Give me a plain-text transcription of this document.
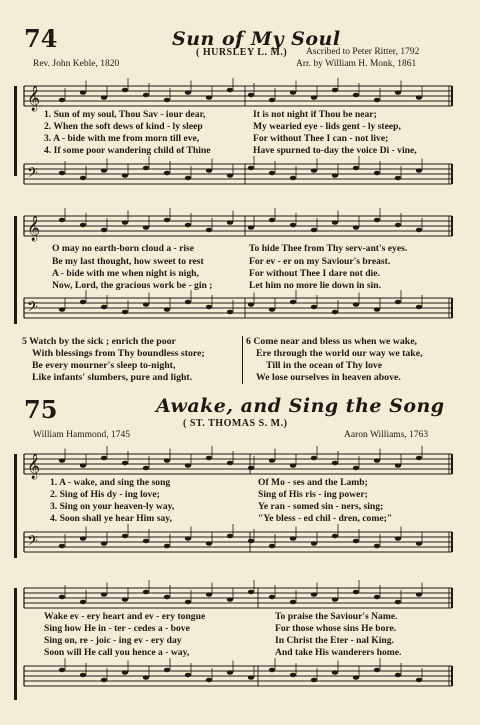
74	Sun of My Soul
( HURSLEY L. M.)
Rev. John Keble, 1820
Ascribed to Peter Ritter, 1792
Arr. by William H. Monk, 1861
𝄞
1. Sun of my soul, Thou Sav - iour dear,	It is not night if Thou be near;
2. When the soft dews of kind - ly sleep	My wearied eye - lids gent - ly steep,
3. A - bide with me from morn till eve,	For without Thee I can - not live;
4. If some poor wandering child of Thine	Have spurned to-day the voice Di - vine,
𝄢
𝄞
O may no earth-born cloud a - rise	To hide Thee from Thy serv-ant's eyes.
Be my last thought, how sweet to rest	For ev - er on my Saviour's breast.
A - bide with me when night is nigh,	For without Thee I dare not die.
Now, Lord, the gracious work be - gin ;	Let him no more lie down in sin.
𝄢
5 Watch by the sick ; enrich the poor
With blessings from Thy boundless store;
Be every mourner's sleep to-night,
Like infants' slumbers, pure and light.
6 Come near and bless us when we wake,
Ere through the world our way we take,
Till in the ocean of Thy love
We lose ourselves in heaven above.
75	Awake, and Sing the Song
( ST. THOMAS S. M.)
William Hammond, 1745	Aaron Williams, 1763
𝄞
1. A - wake, and sing the song	Of Mo - ses and the Lamb;
2. Sing of His dy - ing love;	Sing of His ris - ing power;
3. Sing on your heaven-ly way,	Ye ran - somed sin - ners, sing;
4. Soon shall ye hear Him say,	"Ye bless - ed chil - dren, come;"
𝄢
Wake ev - ery heart and ev - ery tongue	To praise the Saviour's Name.
Sing how He in - ter - cedes a - bove	For those whose sins He bore.
Sing on, re - joic - ing ev - ery day	In Christ the Eter - nal King.
Soon will He call you hence a - way,	And take His wanderers home.
